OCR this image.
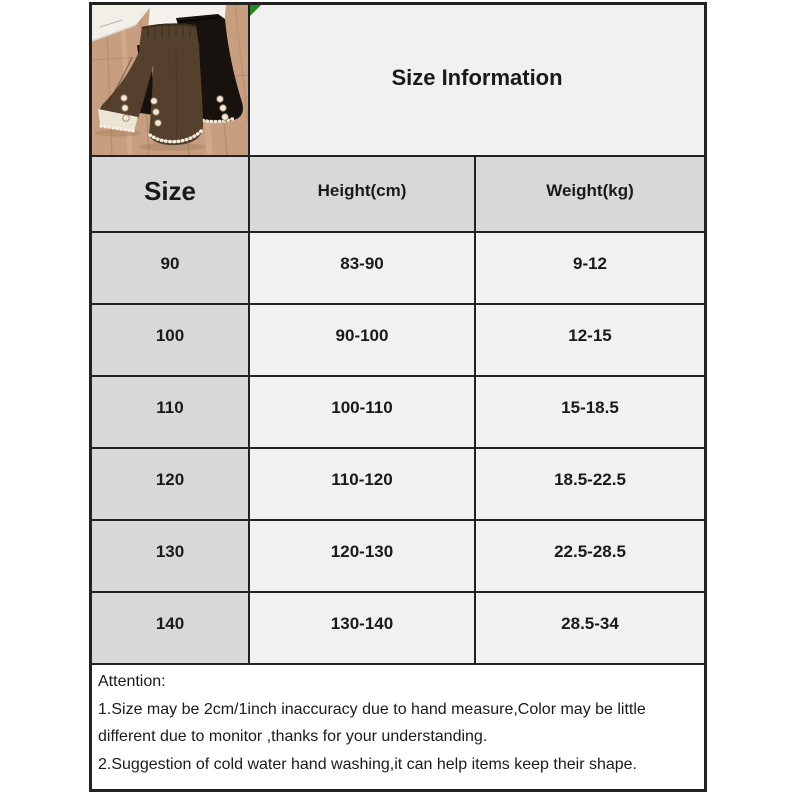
Size Information
Size	Height(cm)	Weight(kg)
90	83-90	9-12
100	90-100	12-15
110	100-110	15-18.5
120	110-120	18.5-22.5
130	120-130	22.5-28.5
140	130-140	28.5-34
Attention:
1.Size may be 2cm/1inch inaccuracy due to hand measure,Color may be little different due to monitor ,thanks for your understanding.
2.Suggestion of cold water hand washing,it can help items keep their shape.
